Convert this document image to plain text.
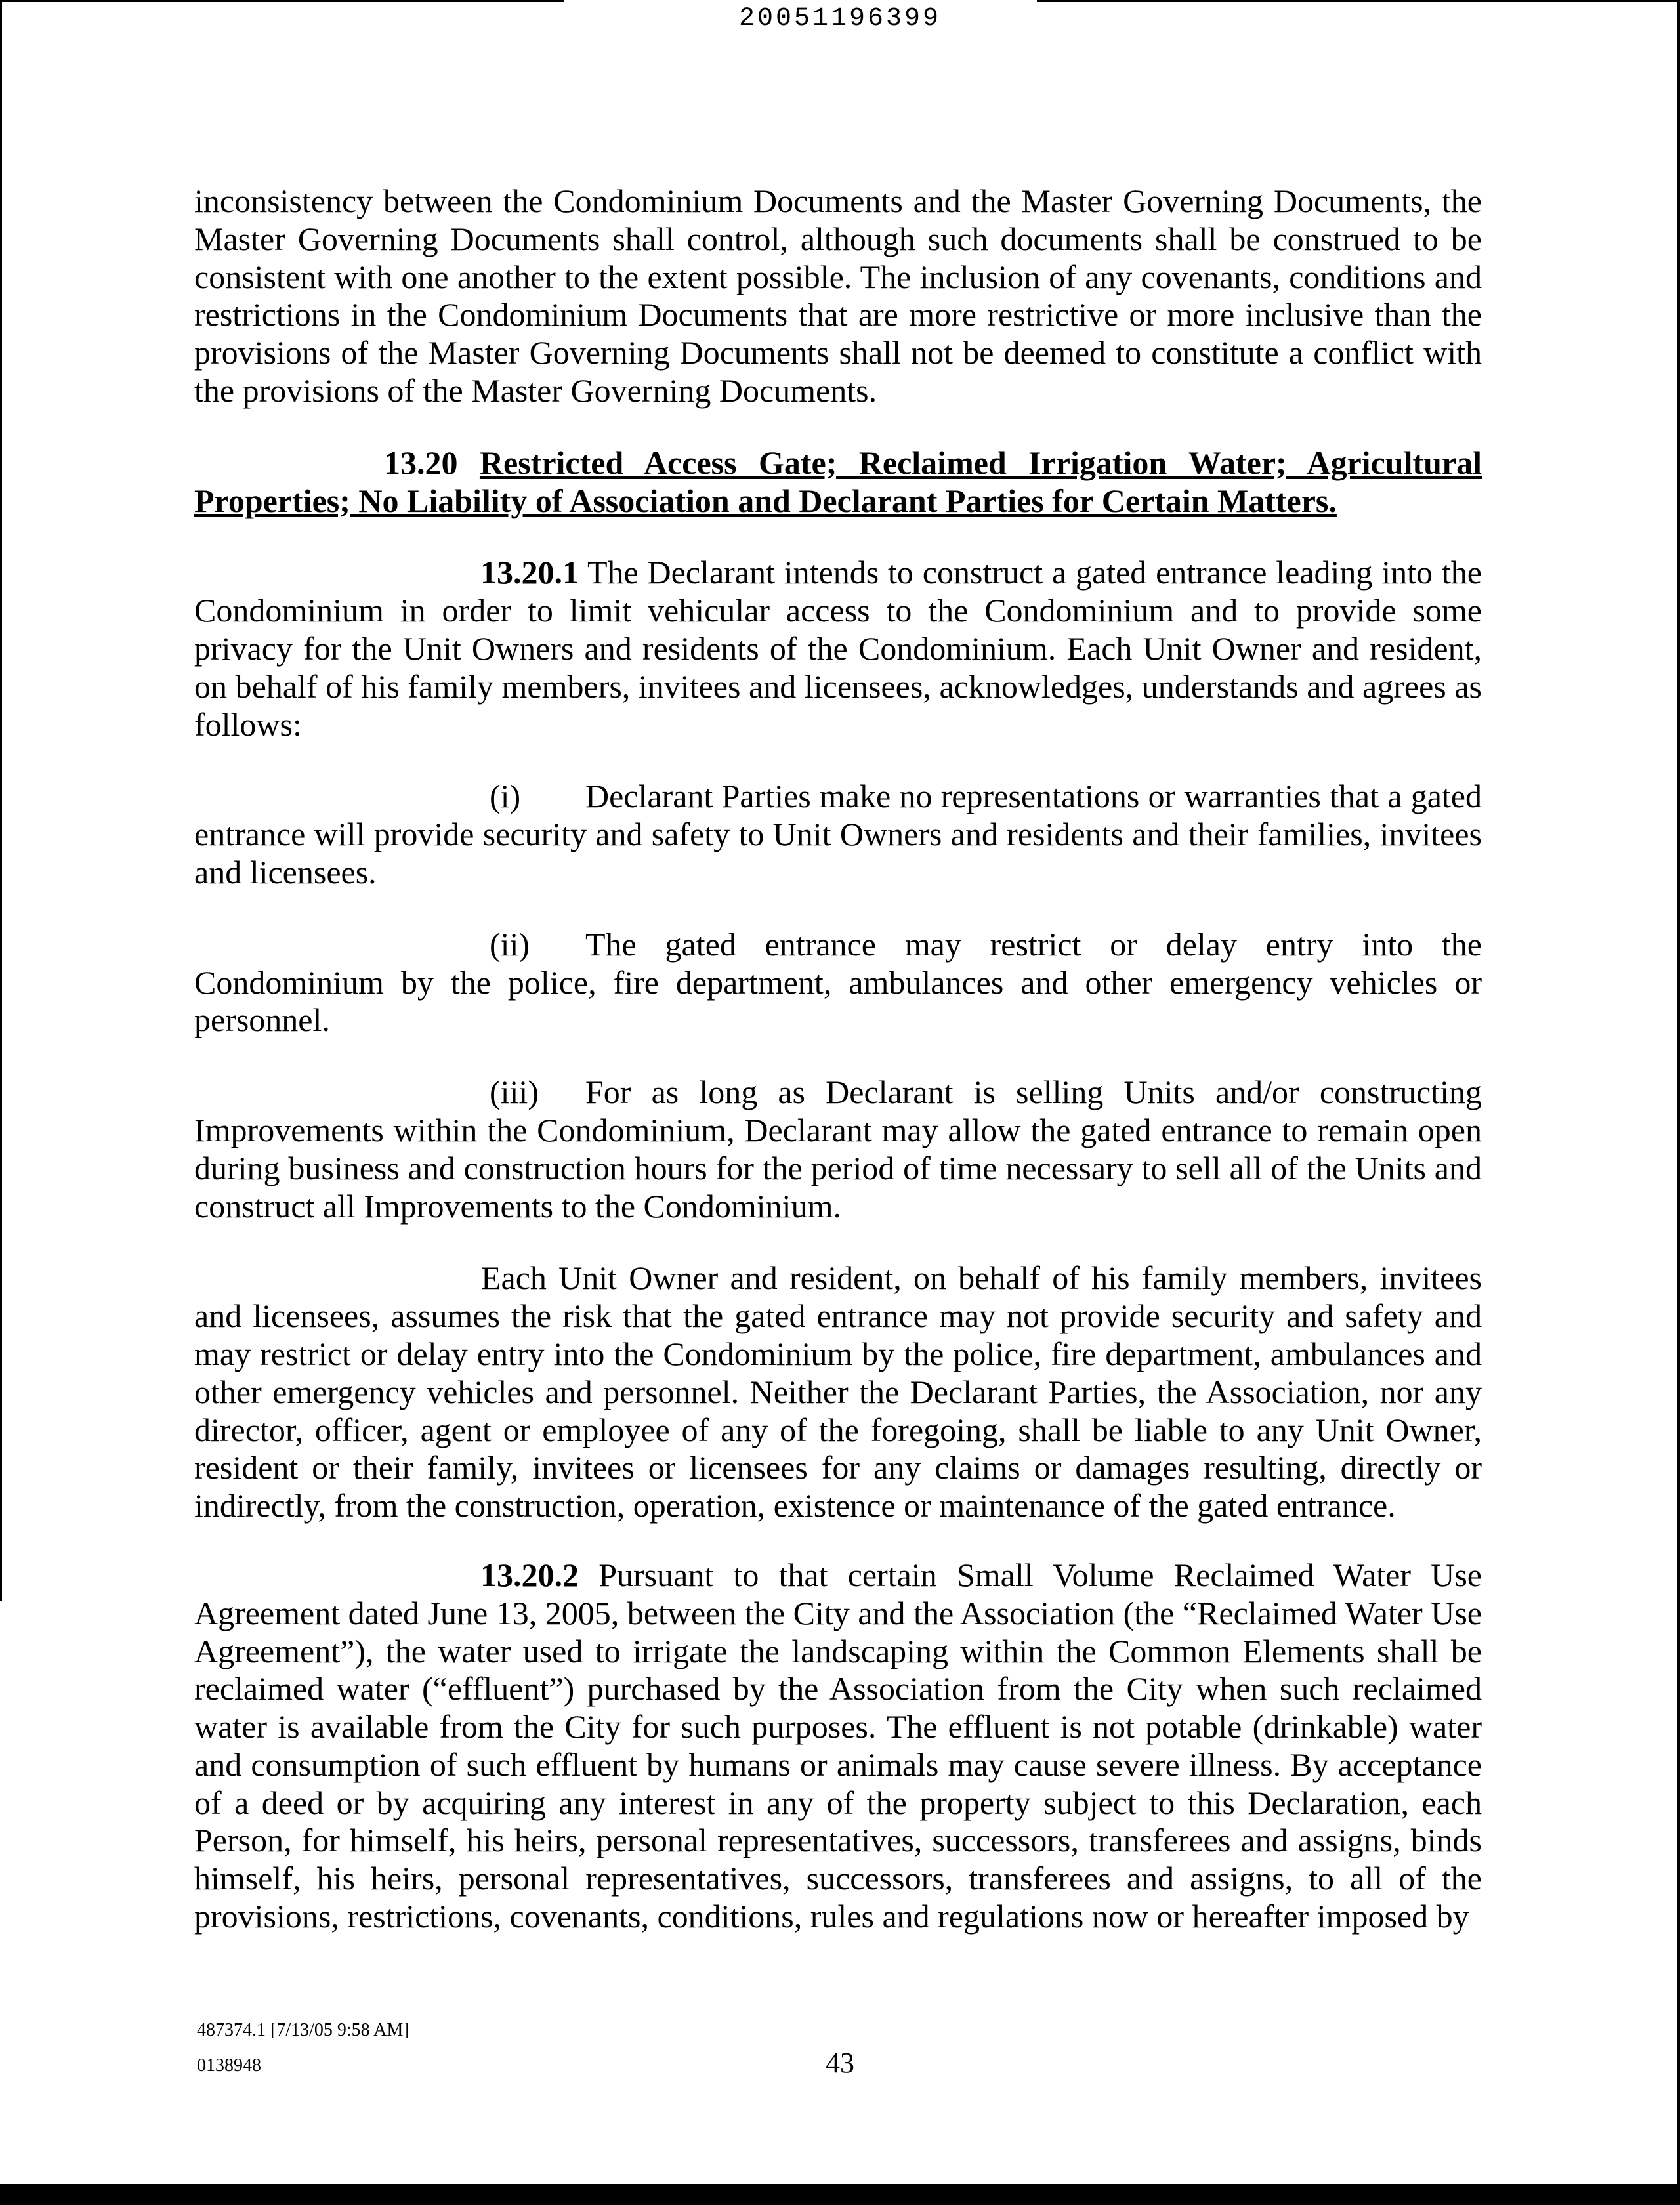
20051196399

inconsistency between the Condominium Documents and the Master Governing Documents, the Master Governing Documents shall control, although such documents shall be construed to be consistent with one another to the extent possible. The inclusion of any covenants, conditions and restrictions in the Condominium Documents that are more restrictive or more inclusive than the provisions of the Master Governing Documents shall not be deemed to constitute a conflict with the provisions of the Master Governing Documents.

13.20 Restricted Access Gate; Reclaimed Irrigation Water; Agricultural Properties; No Liability of Association and Declarant Parties for Certain Matters.

13.20.1 The Declarant intends to construct a gated entrance leading into the Condominium in order to limit vehicular access to the Condominium and to provide some privacy for the Unit Owners and residents of the Condominium. Each Unit Owner and resident, on behalf of his family members, invitees and licensees, acknowledges, understands and agrees as follows:

(i) Declarant Parties make no representations or warranties that a gated entrance will provide security and safety to Unit Owners and residents and their families, invitees and licensees.

(ii) The gated entrance may restrict or delay entry into the Condominium by the police, fire department, ambulances and other emergency vehicles or personnel.

(iii) For as long as Declarant is selling Units and/or constructing Improvements within the Condominium, Declarant may allow the gated entrance to remain open during business and construction hours for the period of time necessary to sell all of the Units and construct all Improvements to the Condominium.

Each Unit Owner and resident, on behalf of his family members, invitees and licensees, assumes the risk that the gated entrance may not provide security and safety and may restrict or delay entry into the Condominium by the police, fire department, ambulances and other emergency vehicles and personnel. Neither the Declarant Parties, the Association, nor any director, officer, agent or employee of any of the foregoing, shall be liable to any Unit Owner, resident or their family, invitees or licensees for any claims or damages resulting, directly or indirectly, from the construction, operation, existence or maintenance of the gated entrance.

13.20.2 Pursuant to that certain Small Volume Reclaimed Water Use Agreement dated June 13, 2005, between the City and the Association (the “Reclaimed Water Use Agreement”), the water used to irrigate the landscaping within the Common Elements shall be reclaimed water (“effluent”) purchased by the Association from the City when such reclaimed water is available from the City for such purposes. The effluent is not potable (drinkable) water and consumption of such effluent by humans or animals may cause severe illness. By acceptance of a deed or by acquiring any interest in any of the property subject to this Declaration, each Person, for himself, his heirs, personal representatives, successors, transferees and assigns, binds himself, his heirs, personal representatives, successors, transferees and assigns, to all of the provisions, restrictions, covenants, conditions, rules and regulations now or hereafter imposed by

487374.1 [7/13/05 9:58 AM]
0138948	43
